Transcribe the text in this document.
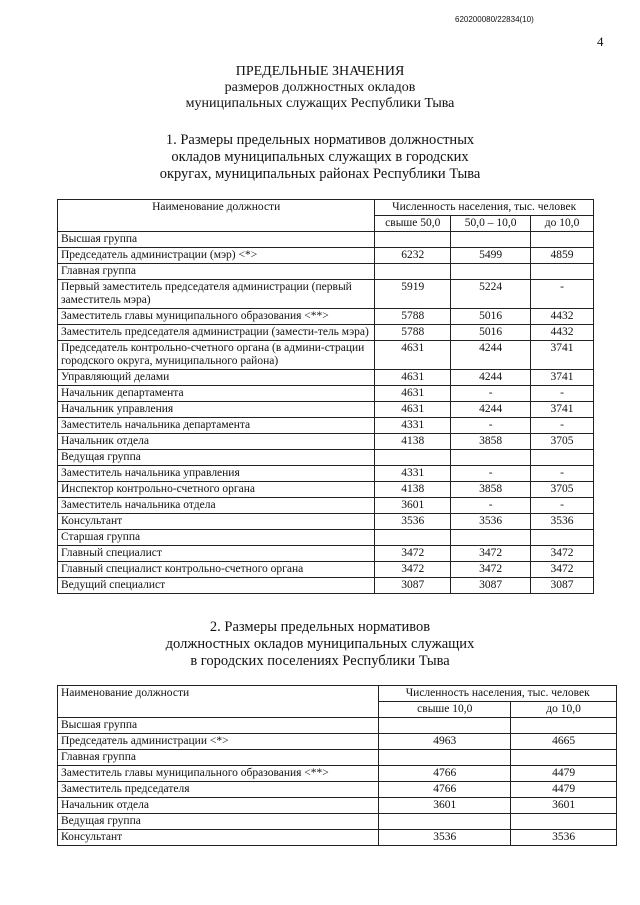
620200080/22834(10)
4
ПРЕДЕЛЬНЫЕ ЗНАЧЕНИЯ
размеров должностных окладов
муниципальных служащих Республики Тыва
1. Размеры предельных нормативов должностных
окладов муниципальных служащих в городских
округах, муниципальных районах Республики Тыва
Наименование должности	Численность населения, тыс. человек		
	свыше 50,0	50,0 – 10,0	до 10,0
Высшая группа			
Председатель администрации (мэр) <*>	6232	5499	4859
Главная группа			
Первый заместитель председателя администрации (первый заместитель мэра)	5919	5224	-
Заместитель главы муниципального образования <**>	5788	5016	4432
Заместитель председателя администрации (замести-тель мэра)	5788	5016	4432
Председатель контрольно-счетного органа (в админи-страции городского округа, муниципального района)	4631	4244	3741
Управляющий делами	4631	4244	3741
Начальник департамента	4631	-	-
Начальник управления	4631	4244	3741
Заместитель начальника департамента	4331	-	-
Начальник отдела	4138	3858	3705
Ведущая группа			
Заместитель начальника управления	4331	-	-
Инспектор контрольно-счетного органа	4138	3858	3705
Заместитель начальника отдела	3601	-	-
Консультант	3536	3536	3536
Старшая группа			
Главный специалист	3472	3472	3472
Главный специалист контрольно-счетного органа	3472	3472	3472
Ведущий специалист	3087	3087	3087
2. Размеры предельных нормативов
должностных окладов муниципальных служащих
в городских поселениях Республики Тыва
Наименование должности	Численность населения, тыс. человек	
	свыше 10,0	до 10,0
Высшая группа		
Председатель администрации <*>	4963	4665
Главная группа		
Заместитель главы муниципального образования <**>	4766	4479
Заместитель председателя	4766	4479
Начальник отдела	3601	3601
Ведущая группа		
Консультант	3536	3536
